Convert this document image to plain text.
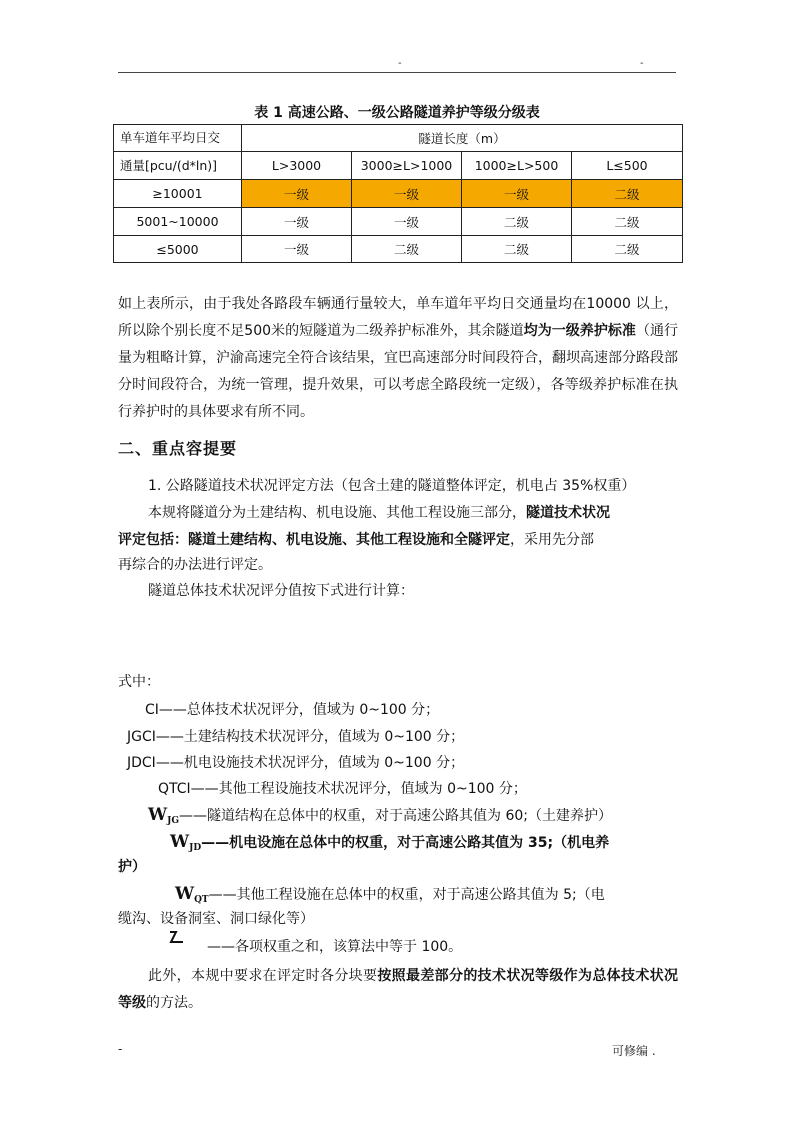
-	-
表 1 高速公路、一级公路隧道养护等级分级表
单车道年平均日交	隧道长度（m）			
通量[pcu/(d*ln)]	L>3000	3000≥L>1000	1000≥L>500	L≤500
≥10001	一级	一级	一级	二级
5001~10000	一级	一级	二级	二级
≤5000	一级	二级	二级	二级
如上表所示，由于我处各路段车辆通行量较大，单车道年平均日交通量均在10000 以上，所以除个别长度不足500米的短隧道为二级养护标准外，其余隧道均为一级养护标准（通行量为粗略计算，沪渝高速完全符合该结果，宜巴高速部分时间段符合，翻坝高速部分路段部分时间段符合，为统一管理，提升效果，可以考虑全路段统一定级），各等级养护标准在执行养护时的具体要求有所不同。
二、重点容提要
1. 公路隧道技术状况评定方法（包含土建的隧道整体评定，机电占 35%权重）
本规将隧道分为土建结构、机电设施、其他工程设施三部分，隧道技术状况
评定包括：隧道土建结构、机电设施、其他工程设施和全隧评定，采用先分部
再综合的办法进行评定。
隧道总体技术状况评分值按下式进行计算：
式中：
CI——总体技术状况评分，值域为 0~100 分；
JGCI——土建结构技术状况评分，值域为 0~100 分；
JDCI——机电设施技术状况评分，值域为 0~100 分；
QTCI——其他工程设施技术状况评分，值域为 0~100 分；
$W_{JG}——$隧道结构在总体中的权重，对于高速公路其值为 60;（土建养护）
$W_{JD}——$机电设施在总体中的权重，对于高速公路其值为 35;（机电养
护）
$W_{QT}——$其他工程设施在总体中的权重，对于高速公路其值为 5;（电
缆沟、设备洞室、洞口绿化等）
——各项权重之和，该算法中等于 100。
此外，本规中要求在评定时各分块要按照最差部分的技术状况等级作为总体技术状况等级的方法。
-	可修编 .
